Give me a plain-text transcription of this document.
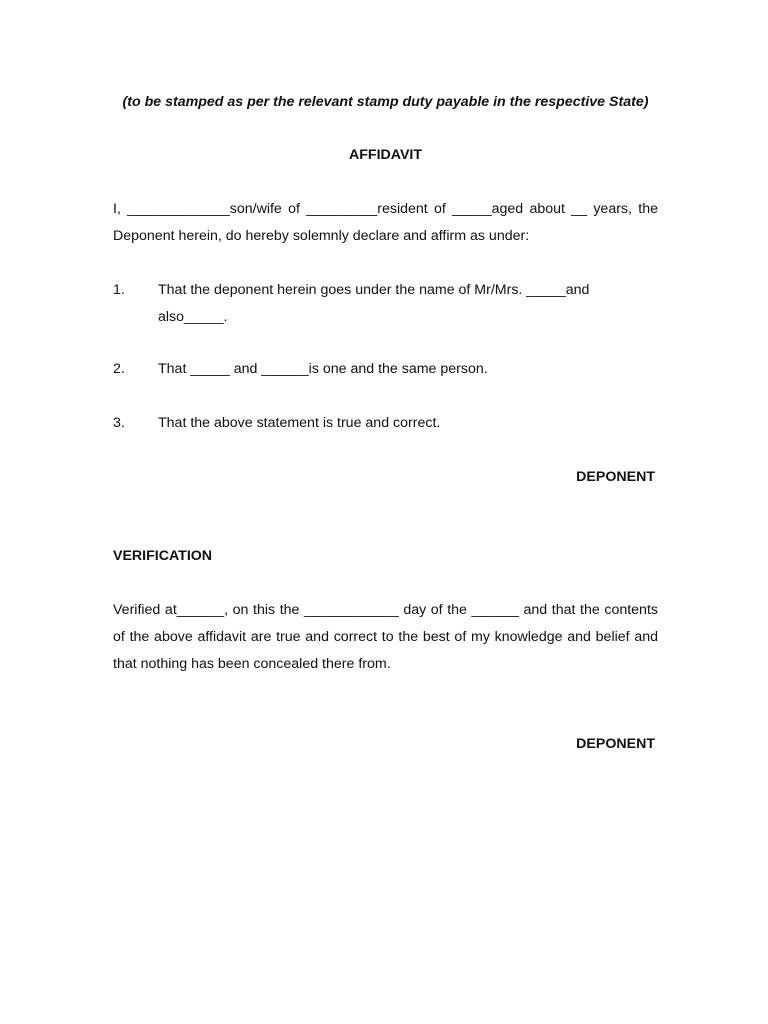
(to be stamped as per the relevant stamp duty payable in the respective State)
AFFIDAVIT
I, _____________son/wife of _________resident of _____aged about __ years, the Deponent herein, do hereby solemnly declare and affirm as under:
1. That the deponent herein goes under the name of Mr/Mrs. _____and also_____.
2. That _____ and ______is one and the same person.
3. That the above statement is true and correct.
DEPONENT
VERIFICATION
Verified at______, on this the ____________ day of the ______ and that the contents of the above affidavit are true and correct to the best of my knowledge and belief and that nothing has been concealed there from.
DEPONENT
